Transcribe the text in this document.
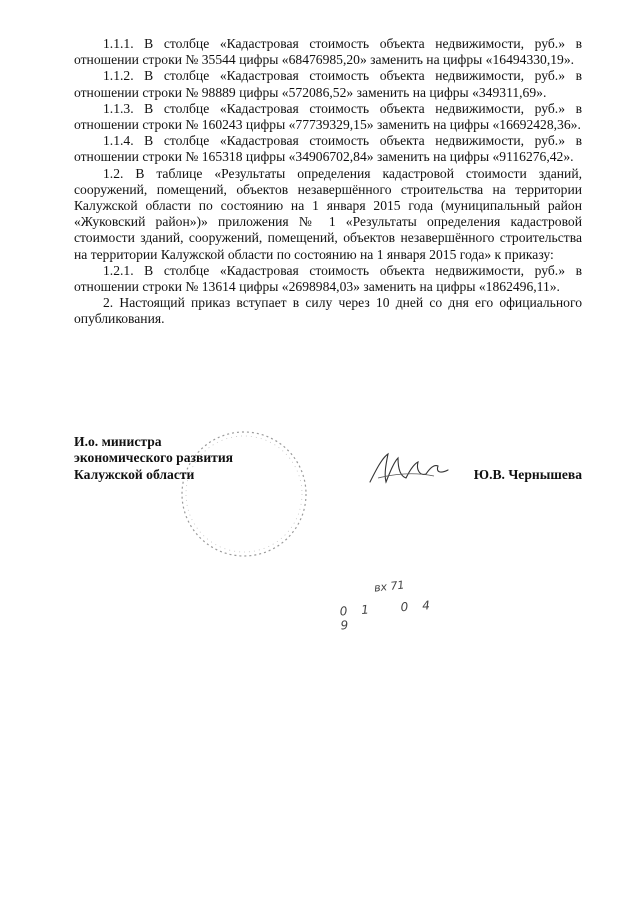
1.1.1. В столбце «Кадастровая стоимость объекта недвижимости, руб.» в отношении строки № 35544 цифры «68476985,20» заменить на цифры «16494330,19».

1.1.2. В столбце «Кадастровая стоимость объекта недвижимости, руб.» в отношении строки № 98889 цифры «572086,52» заменить на цифры «349311,69».

1.1.3. В столбце «Кадастровая стоимость объекта недвижимости, руб.» в отношении строки № 160243 цифры «77739329,15» заменить на цифры «16692428,36».

1.1.4. В столбце «Кадастровая стоимость объекта недвижимости, руб.» в отношении строки № 165318 цифры «34906702,84» заменить на цифры «9116276,42».

1.2. В таблице «Результаты определения кадастровой стоимости зданий, сооружений, помещений, объектов незавершённого строительства на территории Калужской области по состоянию на 1 января 2015 года (муниципальный район «Жуковский район»)» приложения № 1 «Результаты определения кадастровой стоимости зданий, сооружений, помещений, объектов незавершённого строительства на территории Калужской области по состоянию на 1 января 2015 года» к приказу:

1.2.1. В столбце «Кадастровая стоимость объекта недвижимости, руб.» в отношении строки № 13614 цифры «2698984,03» заменить на цифры «1862496,11».

2. Настоящий приказ вступает в силу через 10 дней со дня его официального опубликования.

И.о. министра
экономического развития
Калужской области	Ю.В. Чернышева
вх 71
01 04 9
